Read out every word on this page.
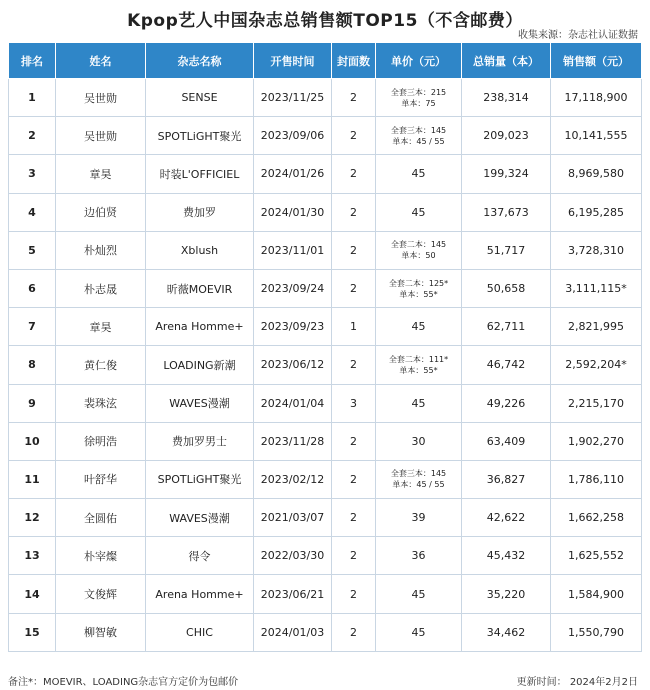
Kpop艺人中国杂志总销售额TOP15（不含邮费）
收集来源：杂志社认证数据
排名	姓名	杂志名称	开售时间	封面数	单价（元）	总销量（本）	销售额（元）
1	吴世勋	SENSE	2023/11/25	2	全套三本：215
单本：75	238,314	17,118,900
2	吴世勋	SPOTLiGHT聚光	2023/09/06	2	全套三本：145
单本：45 / 55	209,023	10,141,555
3	章昊	时装L'OFFICIEL	2024/01/26	2	45	199,324	8,969,580
4	边伯贤	费加罗	2024/01/30	2	45	137,673	6,195,285
5	朴灿烈	Xblush	2023/11/01	2	全套二本：145
单本：50	51,717	3,728,310
6	朴志晟	昕薇MOEVIR	2023/09/24	2	全套二本：125*
单本：55*	50,658	3,111,115*
7	章昊	Arena Homme+	2023/09/23	1	45	62,711	2,821,995
8	黄仁俊	LOADING新潮	2023/06/12	2	全套二本：111*
单本：55*	46,742	2,592,204*
9	裴珠泫	WAVES漫潮	2024/01/04	3	45	49,226	2,215,170
10	徐明浩	费加罗男士	2023/11/28	2	30	63,409	1,902,270
11	叶舒华	SPOTLiGHT聚光	2023/02/12	2	全套三本：145
单本：45 / 55	36,827	1,786,110
12	全圆佑	WAVES漫潮	2021/03/07	2	39	42,622	1,662,258
13	朴宰燦	得令	2022/03/30	2	36	45,432	1,625,552
14	文俊辉	Arena Homme+	2023/06/21	2	45	35,220	1,584,900
15	柳智敏	CHIC	2024/01/03	2	45	34,462	1,550,790
备注*：MOEVIR、LOADING杂志官方定价为包邮价	更新时间： 2024年2月2日
